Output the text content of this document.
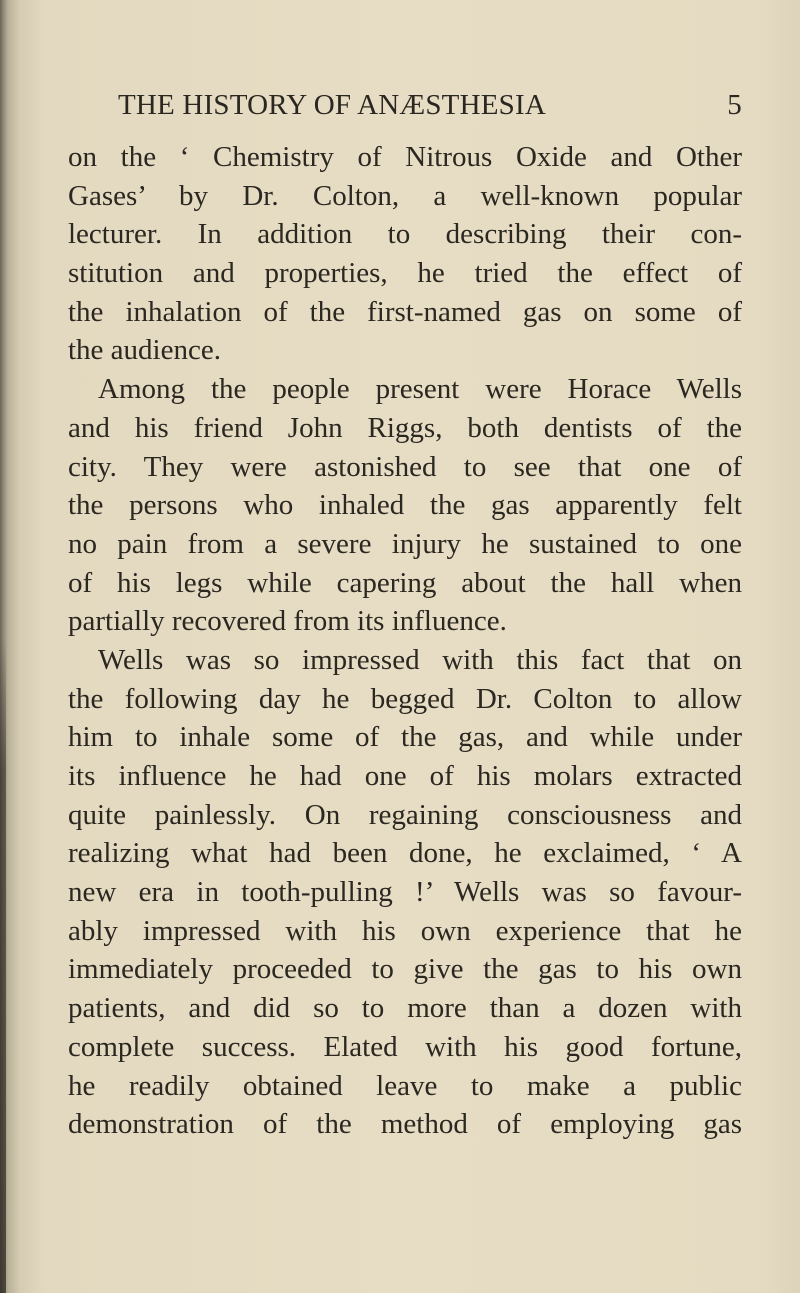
THE HISTORY OF ANÆSTHESIA	5
on the ‘ Chemistry of Nitrous Oxide and Other
Gases’ by Dr. Colton, a well-known popular
lecturer. In addition to describing their con-
stitution and properties, he tried the effect of
the inhalation of the first-named gas on some of
the audience.
Among the people present were Horace Wells
and his friend John Riggs, both dentists of the
city. They were astonished to see that one of
the persons who inhaled the gas apparently felt
no pain from a severe injury he sustained to one
of his legs while capering about the hall when
partially recovered from its influence.
Wells was so impressed with this fact that on
the following day he begged Dr. Colton to allow
him to inhale some of the gas, and while under
its influence he had one of his molars extracted
quite painlessly. On regaining consciousness and
realizing what had been done, he exclaimed, ‘ A
new era in tooth-pulling !’ Wells was so favour-
ably impressed with his own experience that he
immediately proceeded to give the gas to his own
patients, and did so to more than a dozen with
complete success. Elated with his good fortune,
he readily obtained leave to make a public
demonstration of the method of employing gas
